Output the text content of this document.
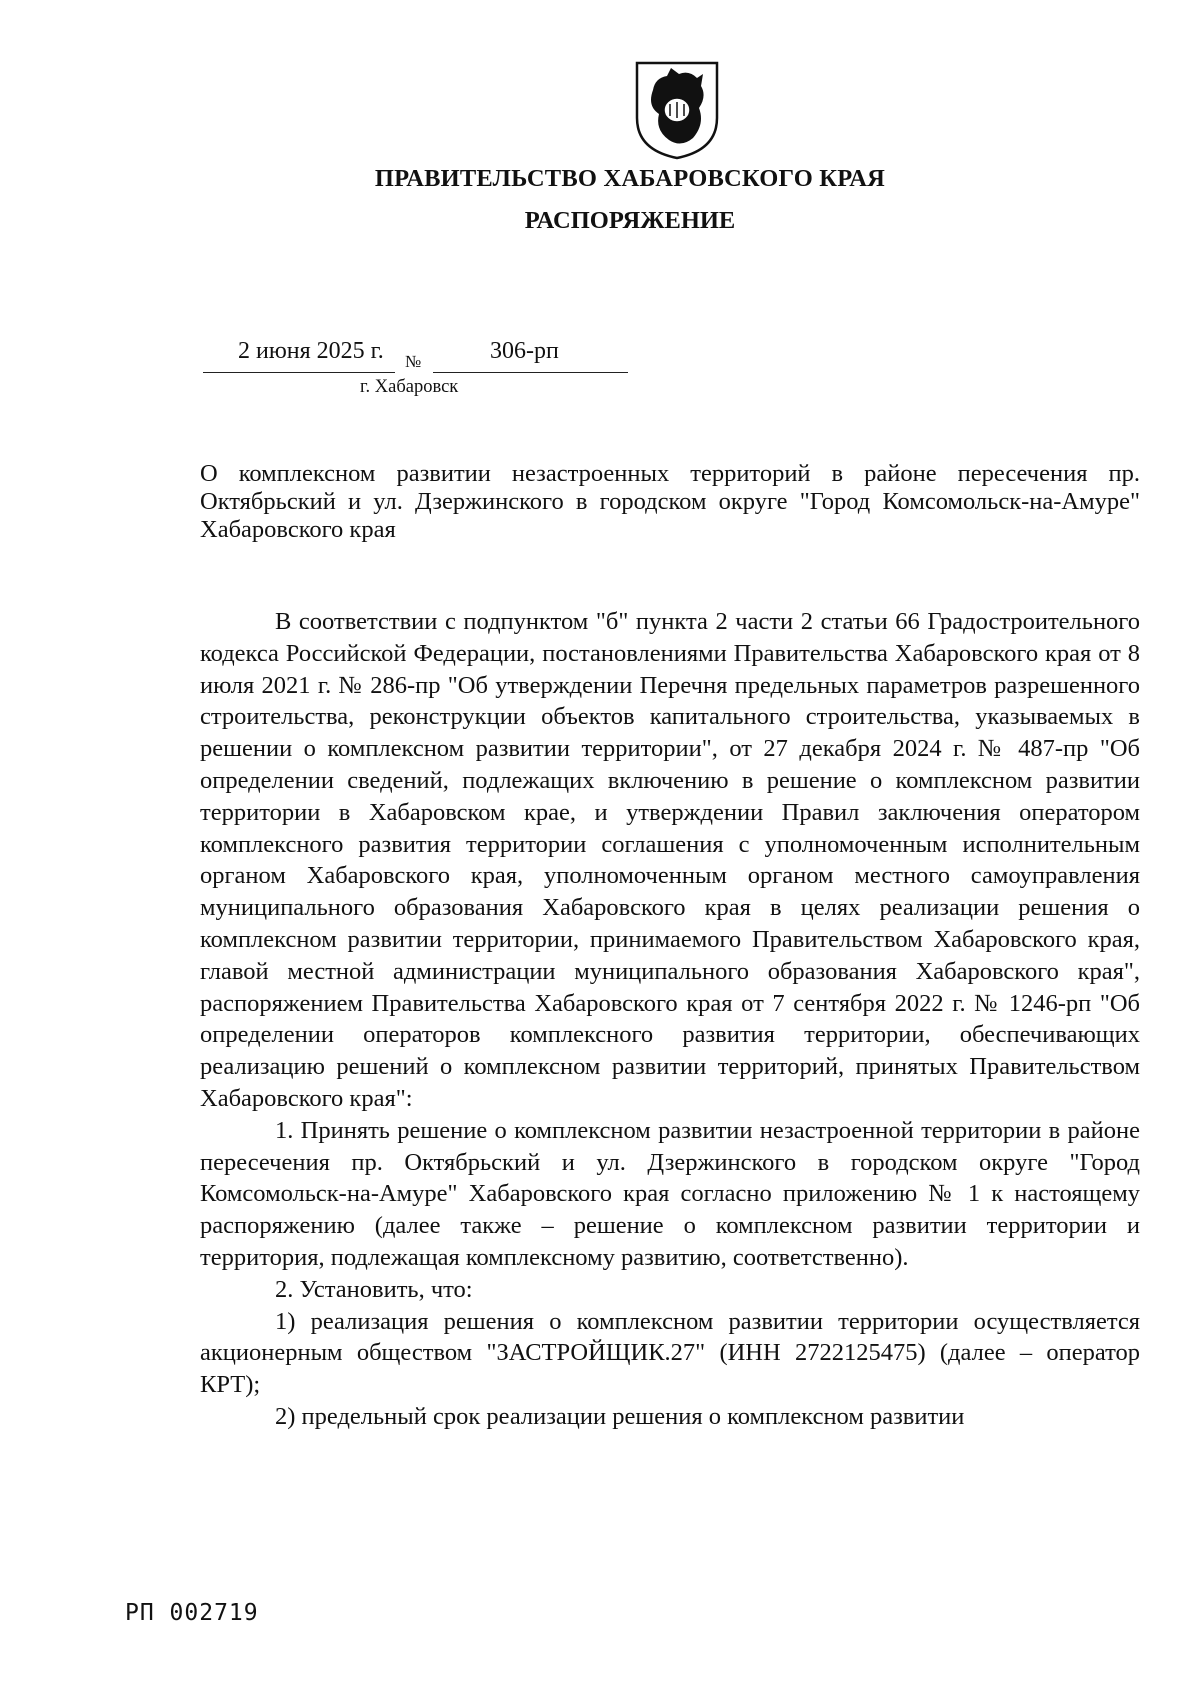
ПРАВИТЕЛЬСТВО ХАБАРОВСКОГО КРАЯ
РАСПОРЯЖЕНИЕ
2 июня 2025 г. №	306-рп
г. Хабаровск

О комплексном развитии незастроенных территорий в районе пересечения пр. Октябрьский и ул. Дзержинского в городском округе "Город Комсомольск-на-Амуре" Хабаровского края

В соответствии с подпунктом "б" пункта 2 части 2 статьи 66 Градостроительного кодекса Российской Федерации, постановлениями Правительства Хабаровского края от 8 июля 2021 г. № 286-пр "Об утверждении Перечня предельных параметров разрешенного строительства, реконструкции объектов капитального строительства, указываемых в решении о комплексном развитии территории", от 27 декабря 2024 г. № 487-пр "Об определении сведений, подлежащих включению в решение о комплексном развитии территории в Хабаровском крае, и утверждении Правил заключения оператором комплексного развития территории соглашения с уполномоченным исполнительным органом Хабаровского края, уполномоченным органом местного самоуправления муниципального образования Хабаровского края в целях реализации решения о комплексном развитии территории, принимаемого Правительством Хабаровского края, главой местной администрации муниципального образования Хабаровского края", распоряжением Правительства Хабаровского края от 7 сентября 2022 г. № 1246-рп "Об определении операторов комплексного развития территории, обеспечивающих реализацию решений о комплексном развитии территорий, принятых Правительством Хабаровского края":

1. Принять решение о комплексном развитии незастроенной территории в районе пересечения пр. Октябрьский и ул. Дзержинского в городском округе "Город Комсомольск-на-Амуре" Хабаровского края согласно приложению № 1 к настоящему распоряжению (далее также – решение о комплексном развитии территории и территория, подлежащая комплексному развитию, соответственно).

2. Установить, что:

1) реализация решения о комплексном развитии территории осуществляется акционерным обществом "ЗАСТРОЙЩИК.27" (ИНН 2722125475) (далее – оператор КРТ);

2) предельный срок реализации решения о комплексном развитии

РП 002719
